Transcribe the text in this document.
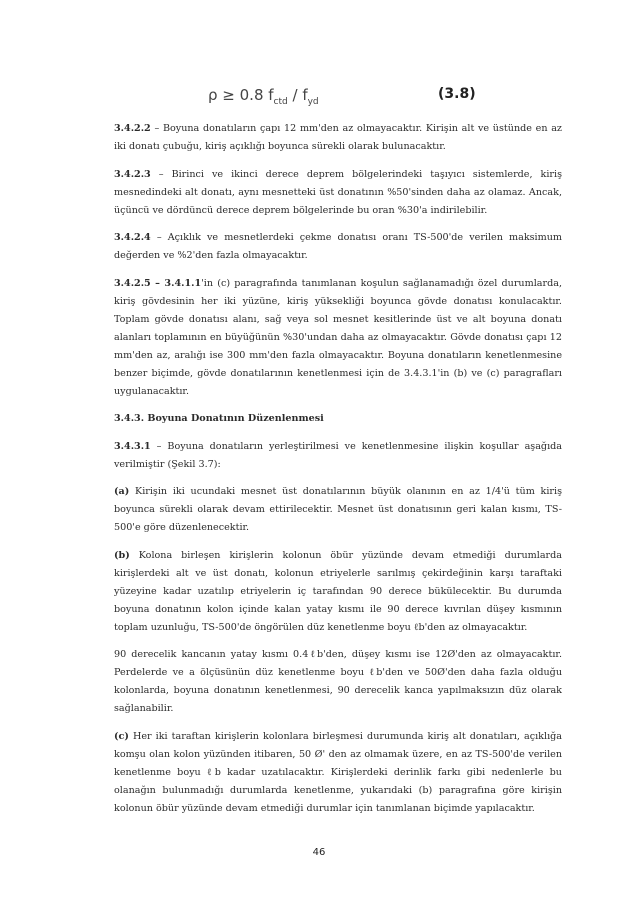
ρ ≥ 0.8 $f_{ctd} / f_{yd}$	(3.8)

3.4.2.2 – Boyuna donatıların çapı 12 mm'den az olmayacaktır. Kirişin alt ve üstünde en az iki donatı çubuğu, kiriş açıklığı boyunca sürekli olarak bulunacaktır.

3.4.2.3 – Birinci ve ikinci derece deprem bölgelerindeki taşıyıcı sistemlerde, kiriş mesnedindeki alt donatı, aynı mesnetteki üst donatının %50'sinden daha az olamaz. Ancak, üçüncü ve dördüncü derece deprem bölgelerinde bu oran %30'a indirilebilir.

3.4.2.4 – Açıklık ve mesnetlerdeki çekme donatısı oranı TS-500'de verilen maksimum değerden ve %2'den fazla olmayacaktır.

3.4.2.5 – 3.4.1.1'in (c) paragrafında tanımlanan koşulun sağlanamadığı özel durumlarda, kiriş gövdesinin her iki yüzüne, kiriş yüksekliği boyunca gövde donatısı konulacaktır. Toplam gövde donatısı alanı, sağ veya sol mesnet kesitlerinde üst ve alt boyuna donatı alanları toplamının en büyüğünün %30'undan daha az olmayacaktır. Gövde donatısı çapı 12 mm'den az, aralığı ise 300 mm'den fazla olmayacaktır. Boyuna donatıların kenetlenmesine benzer biçimde, gövde donatılarının kenetlenmesi için de 3.4.3.1'in (b) ve (c) paragrafları uygulanacaktır.

3.4.3. Boyuna Donatının Düzenlenmesi

3.4.3.1 – Boyuna donatıların yerleştirilmesi ve kenetlenmesine ilişkin koşullar aşağıda verilmiştir (Şekil 3.7):

(a) Kirişin iki ucundaki mesnet üst donatılarının büyük olanının en az 1/4'ü tüm kiriş boyunca sürekli olarak devam ettirilecektir. Mesnet üst donatısının geri kalan kısmı, TS-500'e göre düzenlenecektir.

(b) Kolona birleşen kirişlerin kolonun öbür yüzünde devam etmediği durumlarda kirişlerdeki alt ve üst donatı, kolonun etriyelerle sarılmış çekirdeğinin karşı taraftaki yüzeyine kadar uzatılıp etriyelerin iç tarafından 90 derece bükülecektir. Bu durumda boyuna donatının kolon içinde kalan yatay kısmı ile 90 derece kıvrılan düşey kısmının toplam uzunluğu, TS-500'de öngörülen düz kenetlenme boyu ℓb'den az olmayacaktır.

90 derecelik kancanın yatay kısmı 0.4ℓb'den, düşey kısmı ise 12Ø'den az olmayacaktır. Perdelerde ve a ölçüsünün düz kenetlenme boyu ℓb'den ve 50Ø'den daha fazla olduğu kolonlarda, boyuna donatının kenetlenmesi, 90 derecelik kanca yapılmaksızın düz olarak sağlanabilir.

(c) Her iki taraftan kirişlerin kolonlara birleşmesi durumunda kiriş alt donatıları, açıklığa komşu olan kolon yüzünden itibaren, 50 Ø' den az olmamak üzere, en az TS-500'de verilen kenetlenme boyu ℓb kadar uzatılacaktır. Kirişlerdeki derinlik farkı gibi nedenlerle bu olanağın bulunmadığı durumlarda kenetlenme, yukarıdaki (b) paragrafına göre kirişin kolonun öbür yüzünde devam etmediği durumlar için tanımlanan biçimde yapılacaktır.

46
